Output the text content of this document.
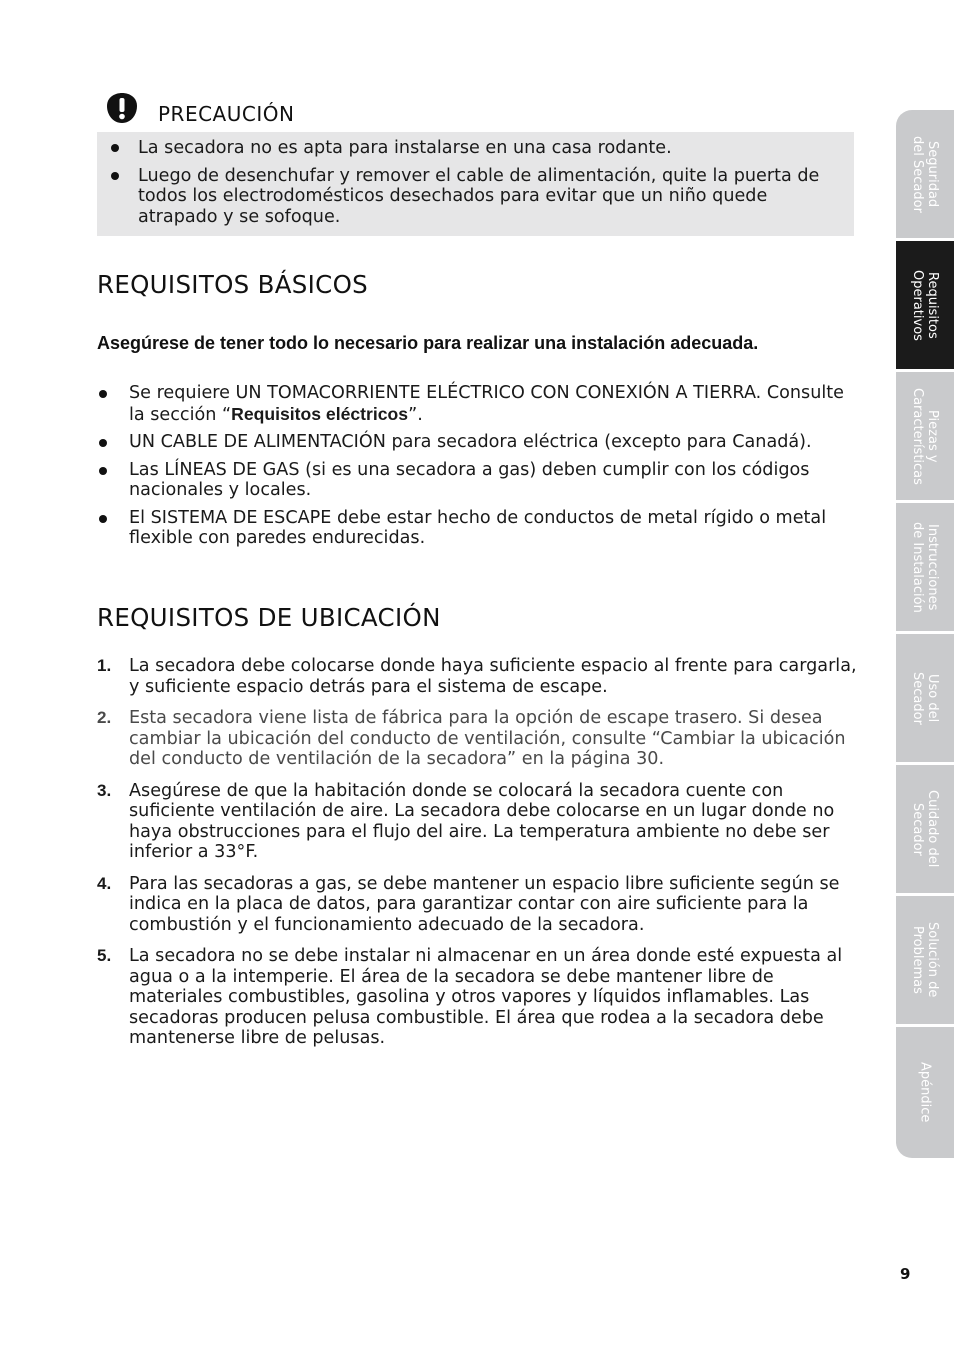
PRECAUCIÓN
La secadora no es apta para instalarse en una casa rodante.
Luego de desenchufar y remover el cable de alimentación, quite la puerta de todos los electrodomésticos desechados para evitar que un niño quede atrapado y se sofoque.
REQUISITOS BÁSICOS
Asegúrese de tener todo lo necesario para realizar una instalación adecuada.
Se requiere UN TOMACORRIENTE ELÉCTRICO CON CONEXIÓN A TIERRA. Consulte la sección “Requisitos eléctricos”.
UN CABLE DE ALIMENTACIÓN para secadora eléctrica (excepto para Canadá).
Las LÍNEAS DE GAS (si es una secadora a gas) deben cumplir con los códigos nacionales y locales.
El SISTEMA DE ESCAPE debe estar hecho de conductos de metal rígido o metal flexible con paredes endurecidas.
REQUISITOS DE UBICACIÓN
1. La secadora debe colocarse donde haya suficiente espacio al frente para cargarla, y suficiente espacio detrás para el sistema de escape.
2. Esta secadora viene lista de fábrica para la opción de escape trasero. Si desea cambiar la ubicación del conducto de ventilación, consulte “Cambiar la ubicación del conducto de ventilación de la secadora” en la página 30.
3. Asegúrese de que la habitación donde se colocará la secadora cuente con suficiente ventilación de aire. La secadora debe colocarse en un lugar donde no haya obstrucciones para el flujo del aire. La temperatura ambiente no debe ser inferior a 33°F.
4. Para las secadoras a gas, se debe mantener un espacio libre suficiente según se indica en la placa de datos, para garantizar contar con aire suficiente para la combustión y el funcionamiento adecuado de la secadora.
5. La secadora no se debe instalar ni almacenar en un área donde esté expuesta al agua o a la intemperie. El área de la secadora se debe mantener libre de materiales combustibles, gasolina y otros vapores y líquidos inflamables. Las secadoras producen pelusa combustible. El área que rodea a la secadora debe mantenerse libre de pelusas.
Seguridad
del Secador
Requisitos
Operativos
Piezas y
Características
Instrucciones
de Instalación
Uso del
Secador
Cuidado del
Secador
Solución de
Problemas
Apéndice
9
